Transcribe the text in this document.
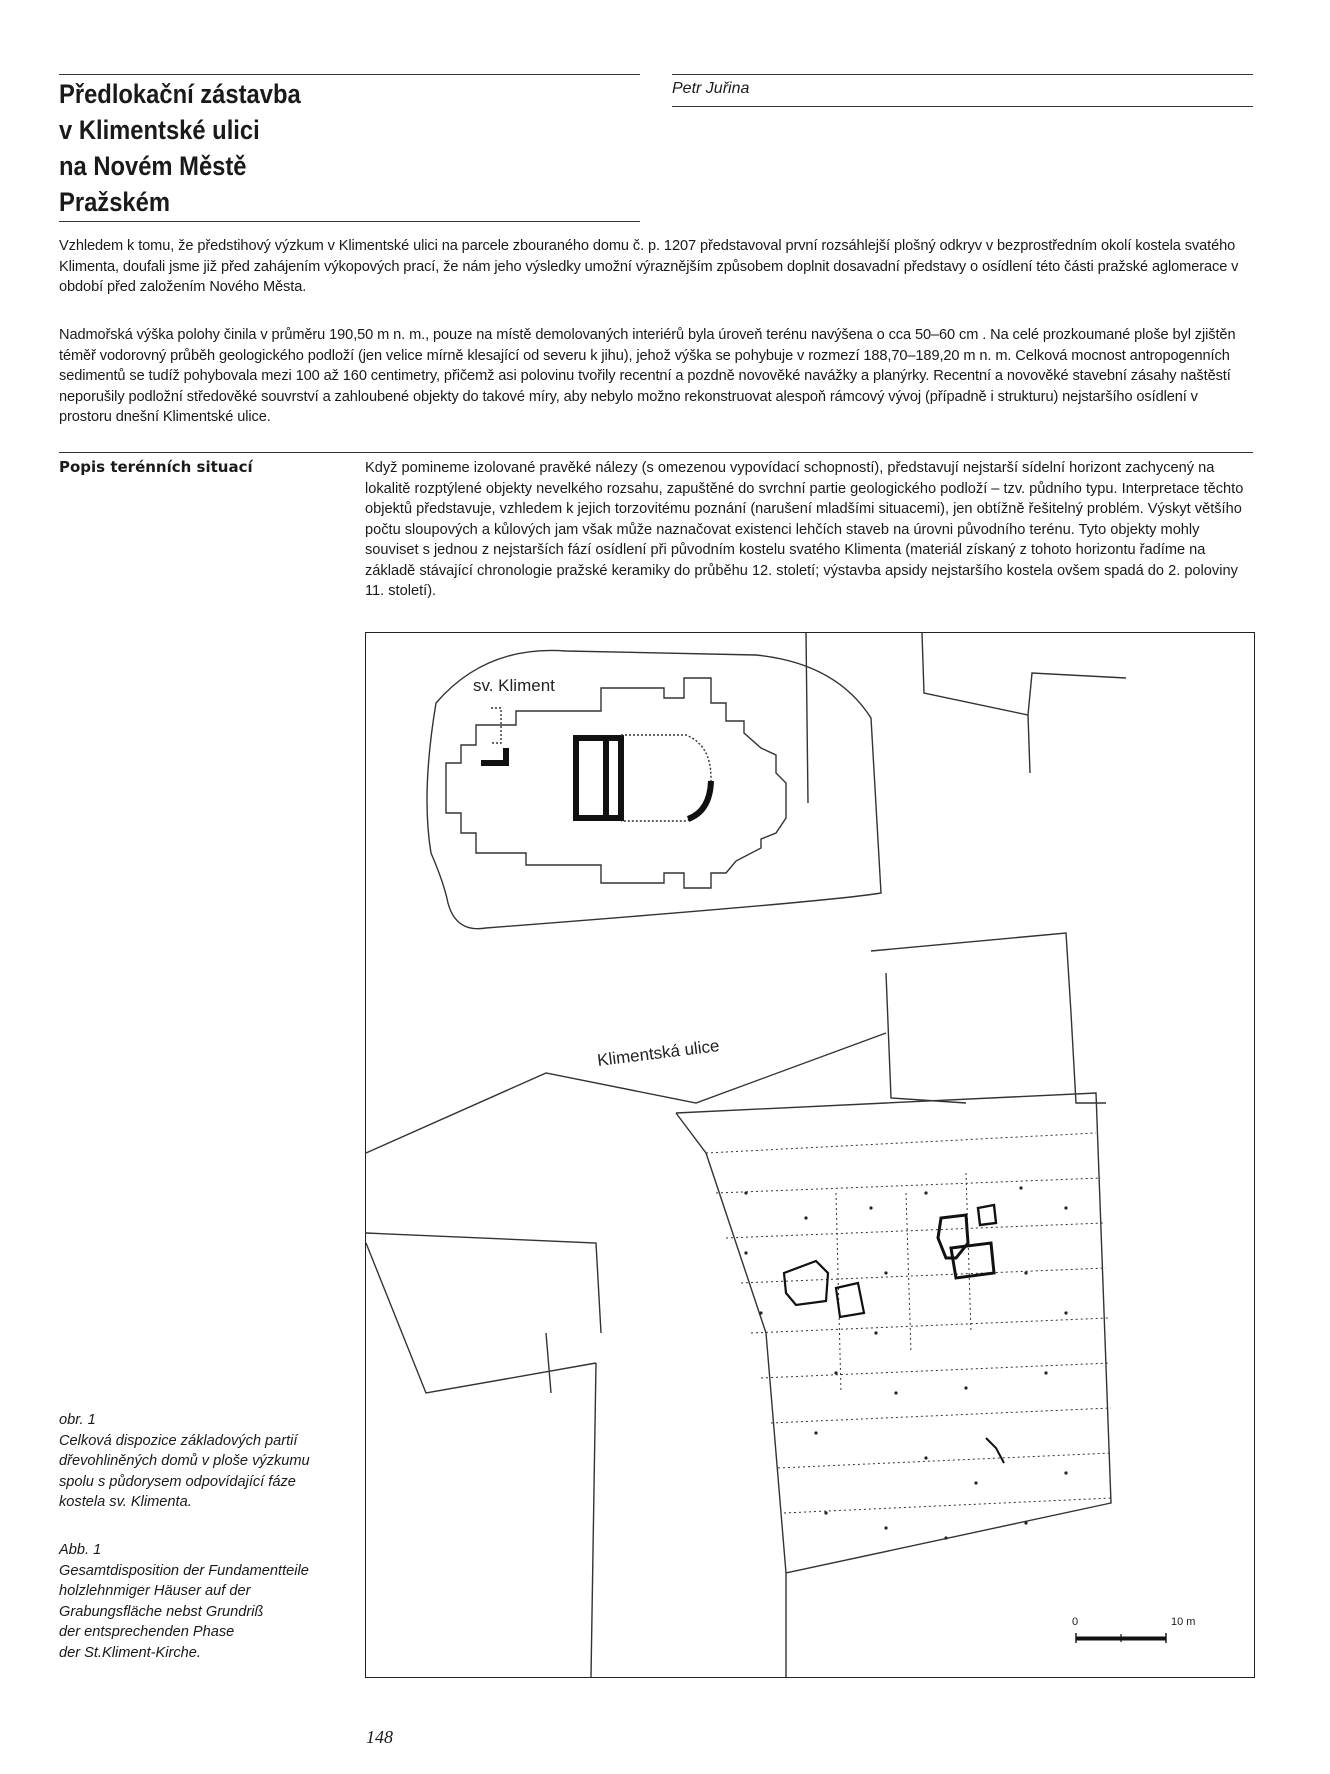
Předlokační zástavba
v Klimentské ulici
na Novém Městě
Pražském
Petr Juřina
Vzhledem k tomu, že předstihový výzkum v Klimentské ulici na parcele zbouraného domu č. p. 1207 představoval první rozsáhlejší plošný odkryv v bezprostředním okolí kostela svatého Klimenta, doufali jsme již před zahájením výkopových prací, že nám jeho výsledky umožní výraznějším způsobem doplnit dosavadní představy o osídlení této části pražské aglomerace v období před založením Nového Města.
Nadmořská výška polohy činila v průměru 190,50 m n. m., pouze na místě demolovaných interiérů byla úroveň terénu navýšena o cca 50–60 cm . Na celé prozkoumané ploše byl zjištěn téměř vodorovný průběh geologického podloží (jen velice mírně klesající od severu k jihu), jehož výška se pohybuje v rozmezí 188,70–189,20 m n. m. Celková mocnost antropogenních sedimentů se tudíž pohybovala mezi 100 až 160 centimetry, přičemž asi polovinu tvořily recentní a pozdně novověké navážky a planýrky. Recentní a novověké stavební zásahy naštěstí neporušily podložní středověké souvrství a zahloubené objekty do takové míry, aby nebylo možno rekonstruovat alespoň rámcový vývoj (případně i strukturu) nejstaršího osídlení v prostoru dnešní Klimentské ulice.
Popis terénních situací	Když pomineme izolované pravěké nálezy (s omezenou vypovídací schopností), představují nejstarší sídelní horizont zachycený na lokalitě rozptýlené objekty nevelkého rozsahu, zapuštěné do svrchní partie geologického podloží – tzv. půdního typu. Interpretace těchto objektů představuje, vzhledem k jejich torzovitému poznání (narušení mladšími situacemi), jen obtížně řešitelný problém. Výskyt většího počtu sloupových a kůlových jam však může naznačovat existenci lehčích staveb na úrovni původního terénu. Tyto objekty mohly souviset s jednou z nejstarších fází osídlení při původním kostelu svatého Klimenta (materiál získaný z tohoto horizontu řadíme na základě stávající chronologie pražské keramiky do průběhu 12. století; výstavba apsidy nejstaršího kostela ovšem spadá do 2. poloviny 11. století).
sv. Kliment
Klimentská ulice
0	10 m
obr. 1
Celková dispozice základových partií
dřevohliněných domů v ploše výzkumu
spolu s půdorysem odpovídající fáze
kostela sv. Klimenta.
Abb. 1
Gesamtdisposition der Fundamentteile
holzlehnmiger Häuser auf der
Grabungsfläche nebst Grundriß
der entsprechenden Phase
der St.Kliment-Kirche.
148
